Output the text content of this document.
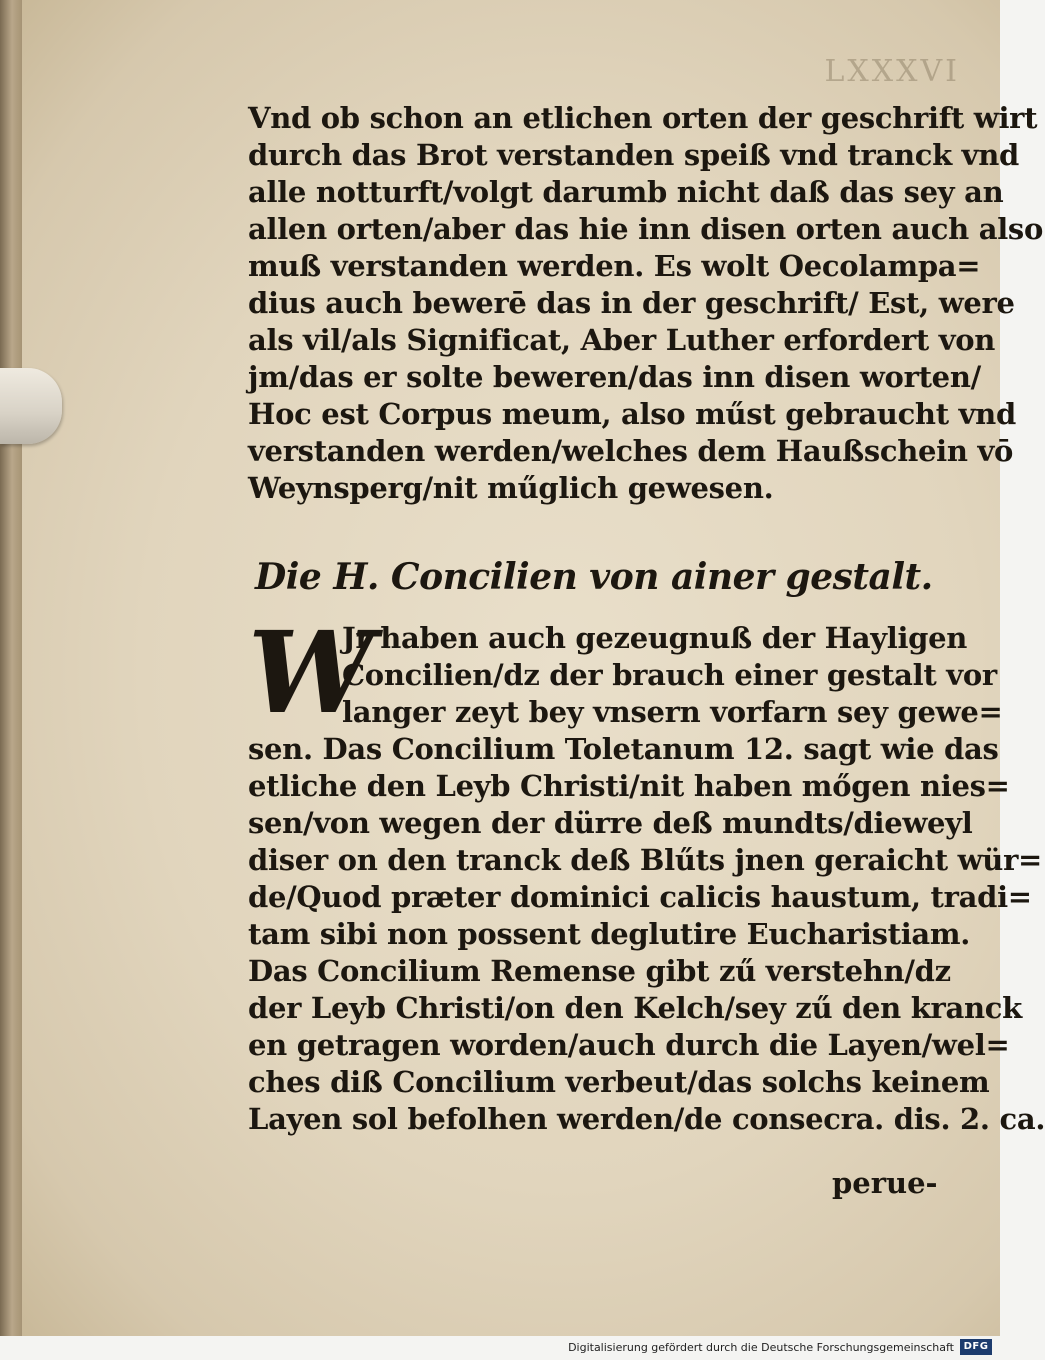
LXXXVI
Vnd ob schon an etlichen orten der geschrift wirt
durch das Brot verstanden speiß vnd tranck vnd
alle notturft/volgt darumb nicht daß das sey an
allen orten/aber das hie inn disen orten auch also
muß verstanden werden. Es wolt Oecolampa=
dius auch bewerē das in der geschrift/ Est, were
als vil/als Significat, Aber Luther erfordert von
jm/das er solte beweren/das inn disen worten/
Hoc est Corpus meum, also műst gebraucht vnd
verstanden werden/welches dem Haußschein vō
Weynsperg/nit műglich gewesen.
Die H. Concilien von ainer gestalt.
W
Jr haben auch gezeugnuß der Hayligen
Concilien/dz der brauch einer gestalt vor
langer zeyt bey vnsern vorfarn sey gewe=
sen. Das Concilium Toletanum 12. sagt wie das
etliche den Leyb Christi/nit haben mőgen nies=
sen/von wegen der dürre deß mundts/dieweyl
diser on den tranck deß Blűts jnen geraicht wür=
de/Quod præter dominici calicis haustum, tradi=
tam sibi non possent deglutire Eucharistiam.
Das Concilium Remense gibt zű verstehn/dz
der Leyb Christi/on den Kelch/sey zű den kranck
en getragen worden/auch durch die Layen/wel=
ches diß Concilium verbeut/das solchs keinem
Layen sol befolhen werden/de consecra. dis. 2. ca.
perue-
Digitalisierung gefördert durch die Deutsche Forschungsgemeinschaft DFG
